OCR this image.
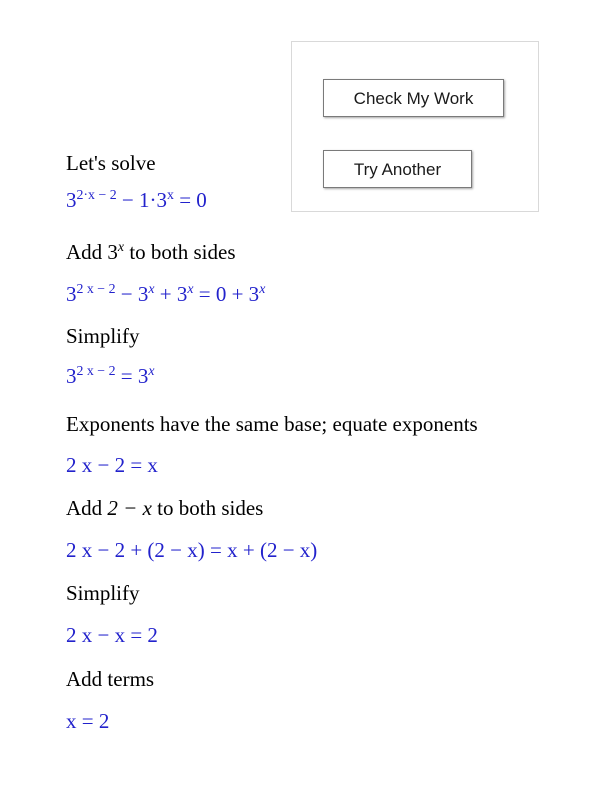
Check My Work
Try Another
Let's solve
$3^{2\cdot x - 2} - 1\cdot 3^x = 0$
Add 3$^x$ to both sides
$3^{2 x - 2} - 3^x + 3^x = 0 + 3^x$
Simplify
$3^{2 x - 2} = 3^x$
Exponents have the same base; equate exponents
2 x − 2 = x
Add 2 − x to both sides
2 x − 2 + (2 − x) = x + (2 − x)
Simplify
2 x − x = 2
Add terms
x = 2
